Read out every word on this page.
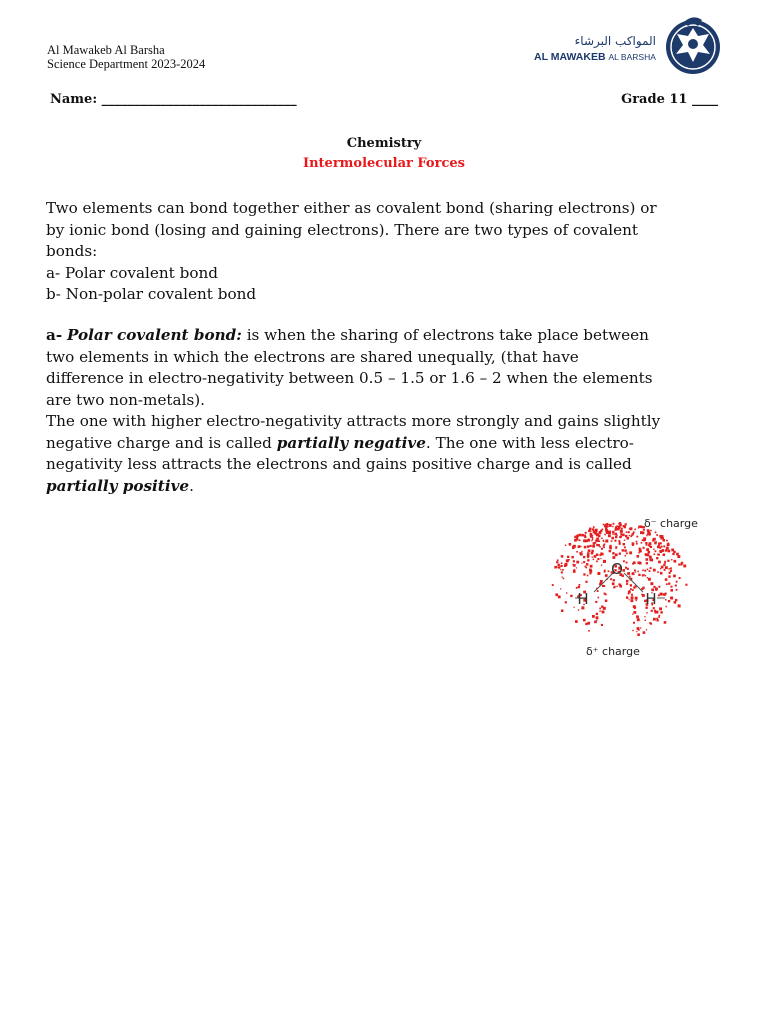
Al Mawakeb Al Barsha
Science Department 2023-2024
المواكب البرشاء
AL MAWAKEB AL BARSHA
Name: ______________________________	Grade 11 ____
Chemistry
Intermolecular Forces
Two elements can bond together either as covalent bond (sharing electrons) or
by ionic bond (losing and gaining electrons). There are two types of covalent
bonds:
a- Polar covalent bond
b- Non-polar covalent bond
a- Polar covalent bond: is when the sharing of electrons take place between
two elements in which the electrons are shared unequally, (that have
difference in electro-negativity between 0.5 – 1.5 or 1.6 – 2 when the elements
are two non-metals).
The one with higher electro-negativity attracts more strongly and gains slightly
negative charge and is called partially negative. The one with less electro-
negativity less attracts the electrons and gains positive charge and is called
partially positive.
O
H	H
δ⁻ charge
δ⁺ charge
